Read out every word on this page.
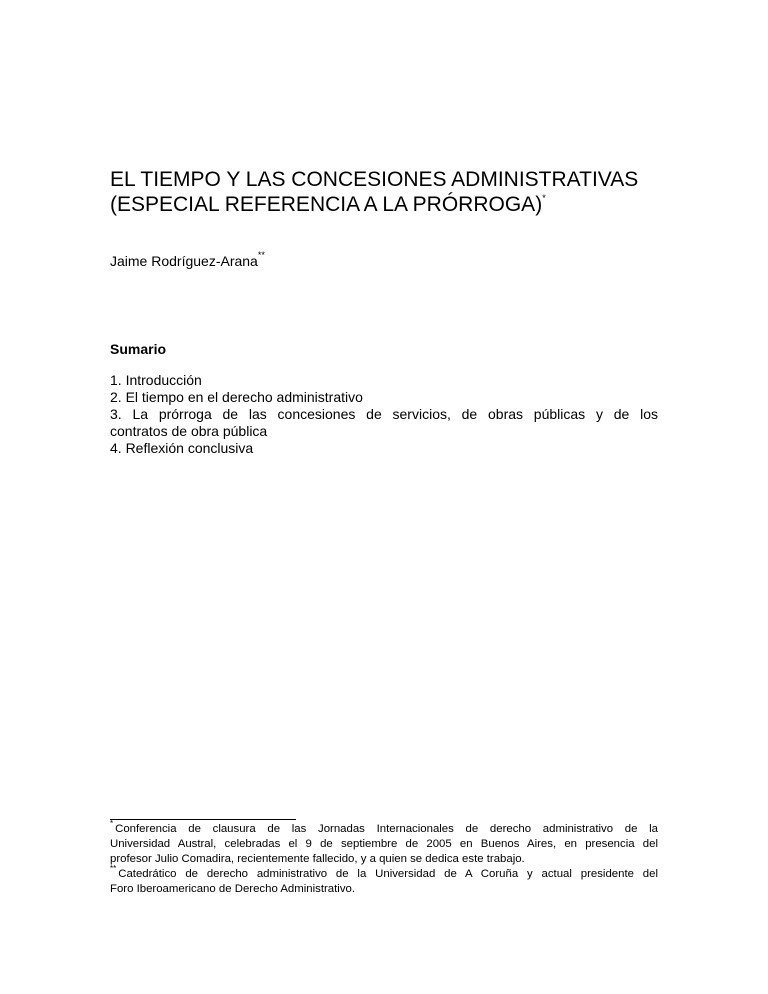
EL TIEMPO Y LAS CONCESIONES ADMINISTRATIVAS
(ESPECIAL REFERENCIA A LA PRÓRROGA)*

Jaime Rodríguez-Arana**

Sumario
1. Introducción
2. El tiempo en el derecho administrativo
3. La prórroga de las concesiones de servicios, de obras públicas y de los
contratos de obra pública
4. Reflexión conclusiva
* Conferencia de clausura de las Jornadas Internacionales de derecho administrativo de la
Universidad Austral, celebradas el 9 de septiembre de 2005 en Buenos Aires, en presencia del
profesor Julio Comadira, recientemente fallecido, y a quien se dedica este trabajo.
** Catedrático de derecho administrativo de la Universidad de A Coruña y actual presidente del
Foro Iberoamericano de Derecho Administrativo.
